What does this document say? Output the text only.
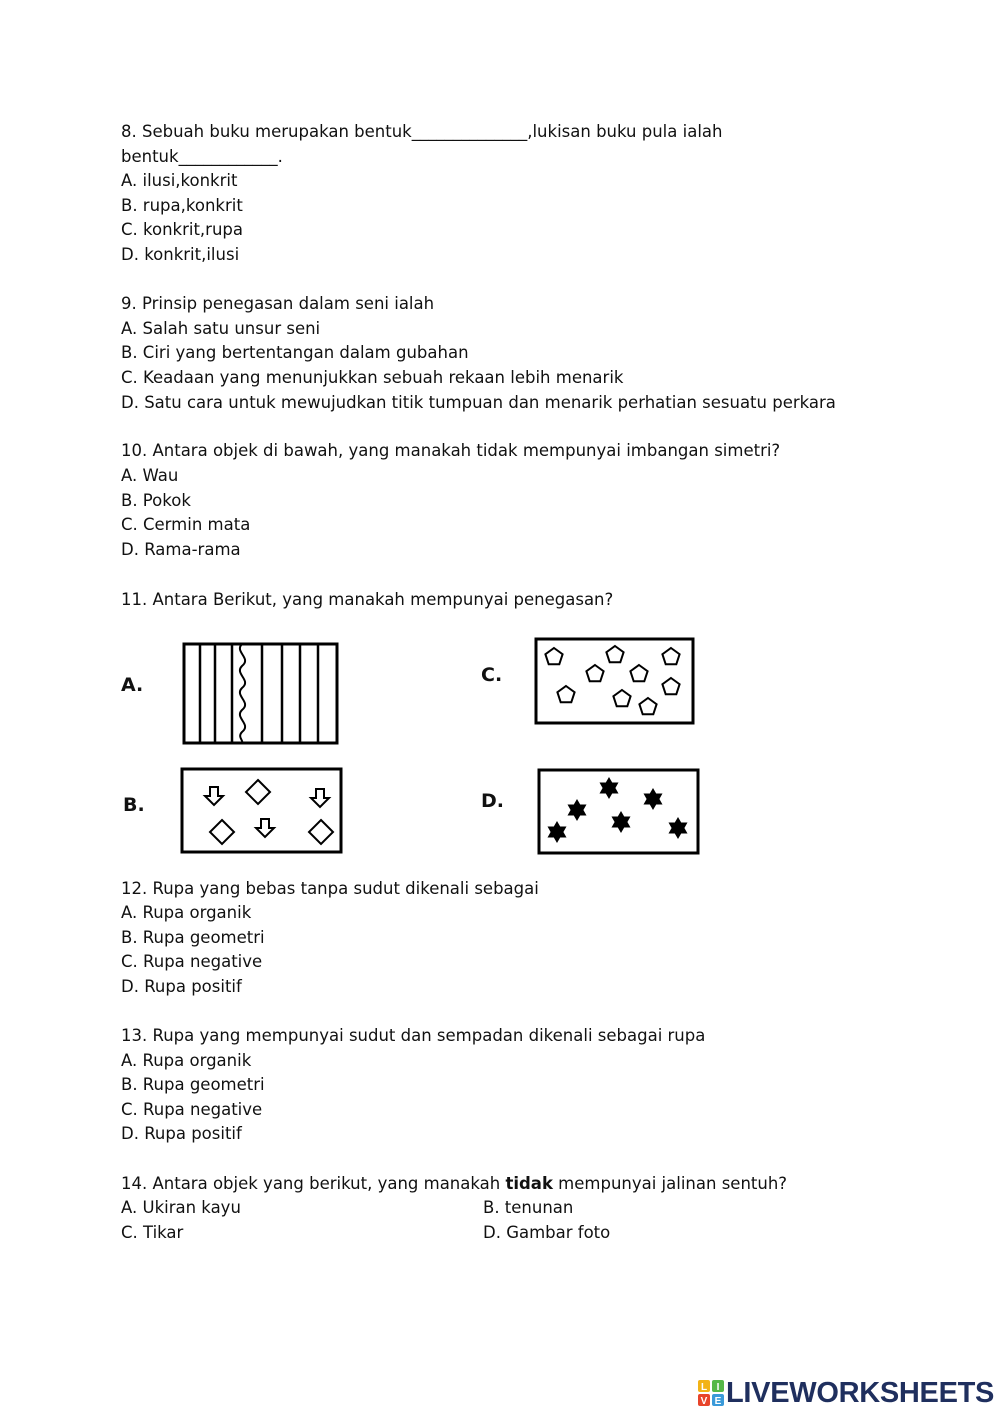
8. Sebuah buku merupakan bentuk______________,lukisan buku pula ialah
bentuk____________.
A. ilusi,konkrit
B. rupa,konkrit
C. konkrit,rupa
D. konkrit,ilusi
9. Prinsip penegasan dalam seni ialah
A. Salah satu unsur seni
B. Ciri yang bertentangan dalam gubahan
C. Keadaan yang menunjukkan sebuah rekaan lebih menarik
D. Satu cara untuk mewujudkan titik tumpuan dan menarik perhatian sesuatu perkara
10. Antara objek di bawah, yang manakah tidak mempunyai imbangan simetri?
A. Wau
B. Pokok
C. Cermin mata
D. Rama-rama
11. Antara Berikut, yang manakah mempunyai penegasan?
A.
B.
C.
D.
12. Rupa yang bebas tanpa sudut dikenali sebagai
A. Rupa organik
B. Rupa geometri
C. Rupa negative
D. Rupa positif
13. Rupa yang mempunyai sudut dan sempadan dikenali sebagai rupa
A. Rupa organik
B. Rupa geometri
C. Rupa negative
D. Rupa positif
14. Antara objek yang berikut, yang manakah tidak mempunyai jalinan sentuh?
A. Ukiran kayu	B. tenunan
C. Tikar	D. Gambar foto
L I
V E LIVEWORKSHEETS
